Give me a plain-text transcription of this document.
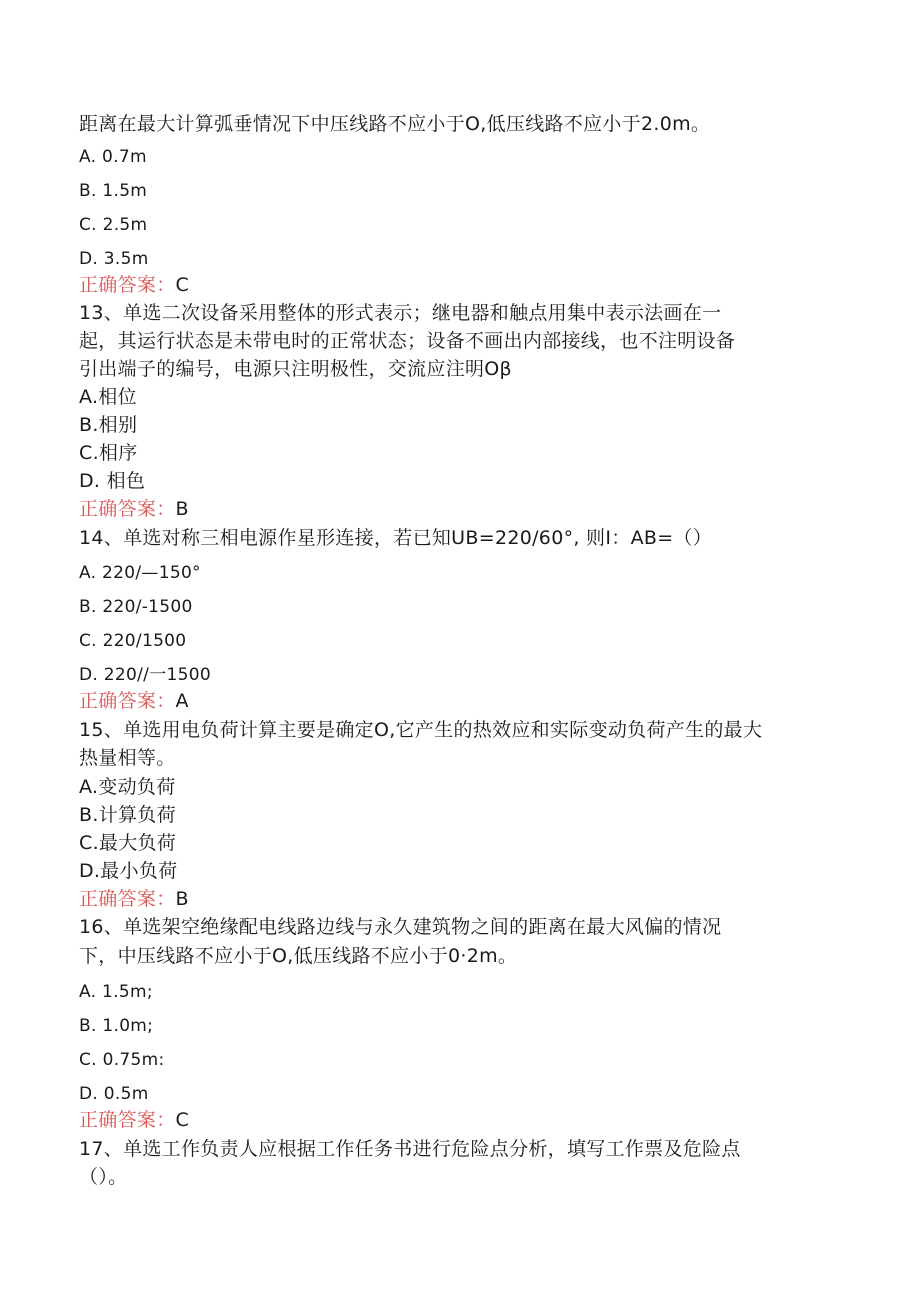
距离在最大计算弧垂情况下中压线路不应小于O,低压线路不应小于2.0m。
A. 0.7m
B. 1.5m
C. 2.5m
D. 3.5m
正确答案：C
13、单选二次设备采用整体的形式表示；继电器和触点用集中表示法画在一
起，其运行状态是未带电时的正常状态；设备不画出内部接线，也不注明设备
引出端子的编号，电源只注明极性，交流应注明Oβ
A.相位
B.相别
C.相序
D. 相色
正确答案：B
14、单选对称三相电源作星形连接，若已知UB=220/60°, 则I：AB=（）
A. 220/—150°
B. 220/-1500
C. 220/1500
D. 220//一1500
正确答案：A
15、单选用电负荷计算主要是确定O,它产生的热效应和实际变动负荷产生的最大
热量相等。
A.变动负荷
B.计算负荷
C.最大负荷
D.最小负荷
正确答案：B
16、单选架空绝缘配电线路边线与永久建筑物之间的距离在最大风偏的情况
下，中压线路不应小于O,低压线路不应小于0·2m。
A. 1.5m;
B. 1.0m;
C. 0.75m:
D. 0.5m
正确答案：C
17、单选工作负责人应根据工作任务书进行危险点分析，填写工作票及危险点
（）。
